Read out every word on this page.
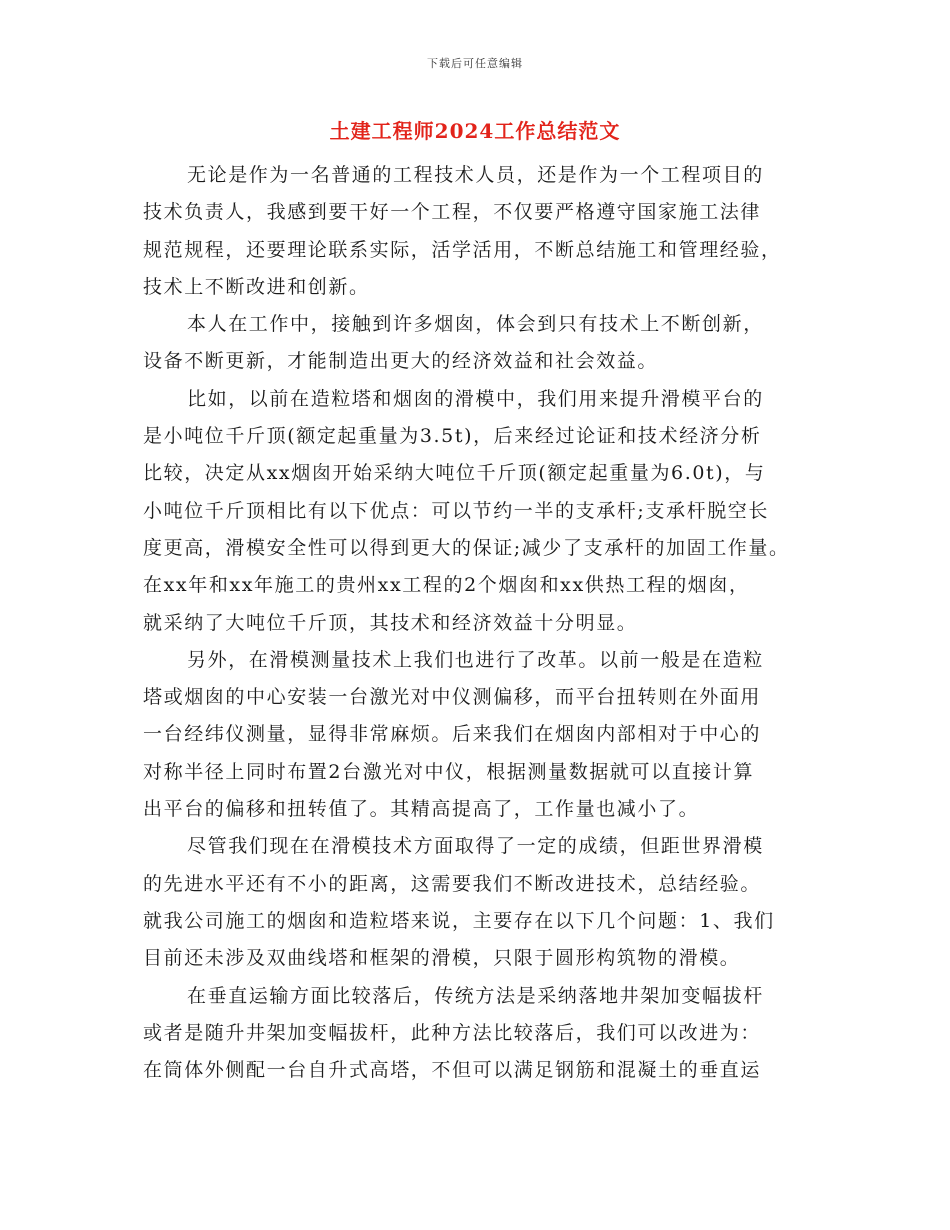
下载后可任意编辑
土建工程师2024工作总结范文
无论是作为一名普通的工程技术人员，还是作为一个工程项目的
技术负责人，我感到要干好一个工程，不仅要严格遵守国家施工法律
规范规程，还要理论联系实际，活学活用，不断总结施工和管理经验，
技术上不断改进和创新。
本人在工作中，接触到许多烟囱，体会到只有技术上不断创新，
设备不断更新，才能制造出更大的经济效益和社会效益。
比如，以前在造粒塔和烟囱的滑模中，我们用来提升滑模平台的
是小吨位千斤顶(额定起重量为3.5t)，后来经过论证和技术经济分析
比较，决定从xx烟囱开始采纳大吨位千斤顶(额定起重量为6.0t)，与
小吨位千斤顶相比有以下优点：可以节约一半的支承杆;支承杆脱空长
度更高，滑模安全性可以得到更大的保证;减少了支承杆的加固工作量。
在xx年和xx年施工的贵州xx工程的2个烟囱和xx供热工程的烟囱，
就采纳了大吨位千斤顶，其技术和经济效益十分明显。
另外，在滑模测量技术上我们也进行了改革。以前一般是在造粒
塔或烟囱的中心安装一台激光对中仪测偏移，而平台扭转则在外面用
一台经纬仪测量，显得非常麻烦。后来我们在烟囱内部相对于中心的
对称半径上同时布置2台激光对中仪，根据测量数据就可以直接计算
出平台的偏移和扭转值了。其精高提高了，工作量也减小了。
尽管我们现在在滑模技术方面取得了一定的成绩，但距世界滑模
的先进水平还有不小的距离，这需要我们不断改进技术，总结经验。
就我公司施工的烟囱和造粒塔来说，主要存在以下几个问题：1、我们
目前还未涉及双曲线塔和框架的滑模，只限于圆形构筑物的滑模。
在垂直运输方面比较落后，传统方法是采纳落地井架加变幅拔杆
或者是随升井架加变幅拔杆，此种方法比较落后，我们可以改进为：
在筒体外侧配一台自升式高塔，不但可以满足钢筋和混凝土的垂直运
